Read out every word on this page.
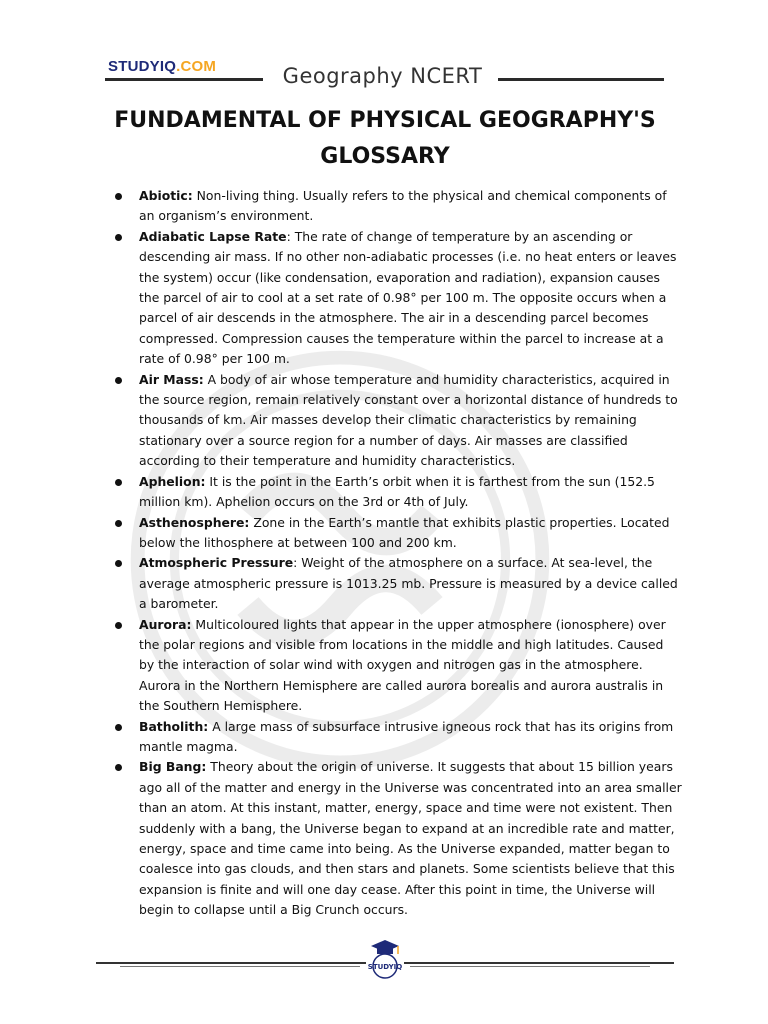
STUDYIQ.COM	Geography NCERT
FUNDAMENTAL OF PHYSICAL GEOGRAPHY'S
GLOSSARY
Abiotic: Non-living thing. Usually refers to the physical and chemical components of an organism’s environment.
Adiabatic Lapse Rate: The rate of change of temperature by an ascending or descending air mass. If no other non-adiabatic processes (i.e. no heat enters or leaves the system) occur (like condensation, evaporation and radiation), expansion causes the parcel of air to cool at a set rate of 0.98° per 100 m. The opposite occurs when a parcel of air descends in the atmosphere. The air in a descending parcel becomes compressed. Compression causes the temperature within the parcel to increase at a rate of 0.98° per 100 m.
Air Mass: A body of air whose temperature and humidity characteristics, acquired in the source region, remain relatively constant over a horizontal distance of hundreds to thousands of km. Air masses develop their climatic characteristics by remaining stationary over a source region for a number of days. Air masses are classified according to their temperature and humidity characteristics.
Aphelion: It is the point in the Earth’s orbit when it is farthest from the sun (152.5 million km). Aphelion occurs on the 3rd or 4th of July.
Asthenosphere: Zone in the Earth’s mantle that exhibits plastic properties. Located below the lithosphere at between 100 and 200 km.
Atmospheric Pressure: Weight of the atmosphere on a surface. At sea-level, the average atmospheric pressure is 1013.25 mb. Pressure is measured by a device called a barometer.
Aurora: Multicoloured lights that appear in the upper atmosphere (ionosphere) over the polar regions and visible from locations in the middle and high latitudes. Caused by the interaction of solar wind with oxygen and nitrogen gas in the atmosphere. Aurora in the Northern Hemisphere are called aurora borealis and aurora australis in the Southern Hemisphere.
Batholith: A large mass of subsurface intrusive igneous rock that has its origins from mantle magma.
Big Bang: Theory about the origin of universe. It suggests that about 15 billion years ago all of the matter and energy in the Universe was concentrated into an area smaller than an atom. At this instant, matter, energy, space and time were not existent. Then suddenly with a bang, the Universe began to expand at an incredible rate and matter, energy, space and time came into being. As the Universe expanded, matter began to coalesce into gas clouds, and then stars and planets. Some scientists believe that this expansion is finite and will one day cease. After this point in time, the Universe will begin to collapse until a Big Crunch occurs.
STUDYIQ
